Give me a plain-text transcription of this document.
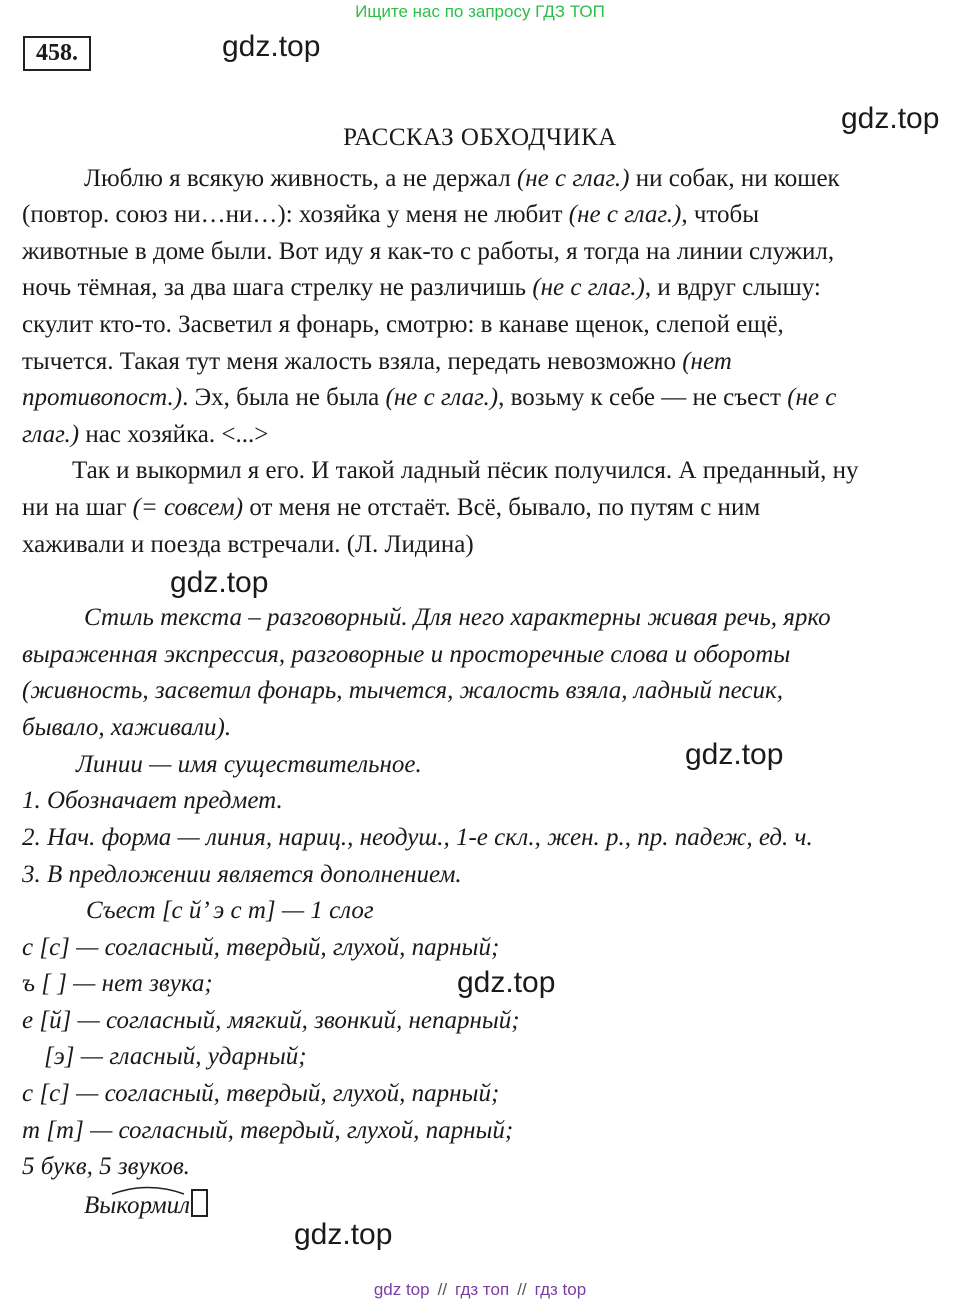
Ищите нас по запросу ГДЗ ТОП
458.	gdz.top
gdz.top
gdz.top
gdz.top
gdz.top
gdz.top
РАССКАЗ ОБХОДЧИКА
Люблю я всякую живность, а не держал (не с глаг.) ни собак, ни кошек
(повтор. союз ни…ни…): хозяйка у меня не любит (не с глаг.), чтобы
животные в доме были. Вот иду я как-то с работы, я тогда на линии служил,
ночь тёмная, за два шага стрелку не различишь (не с глаг.), и вдруг слышу:
скулит кто-то. Засветил я фонарь, смотрю: в канаве щенок, слепой ещё,
тычется. Такая тут меня жалость взяла, передать невозможно (нет
противопост.). Эх, была не была (не с глаг.), возьму к себе — не съест (не с
глаг.) нас хозяйка. <...>
Так и выкормил я его. И такой ладный пёсик получился. А преданный, ну
ни на шаг (= совсем) от меня не отстаёт. Всё, бывало, по путям с ним
хаживали и поезда встречали. (Л. Лидина)
Стиль текста – разговорный. Для него характерны живая речь, ярко
выраженная экспрессия, разговорные и просторечные слова и обороты
(живность, засветил фонарь, тычется, жалость взяла, ладный песик,
бывало, хаживали).
Линии — имя существительное.
1. Обозначает предмет.
2. Нач. форма — линия, нариц., неодуш., 1-е скл., жен. р., пр. падеж, ед. ч.
3. В предложении является дополнением.
Съест [с й’ э с т] — 1 слог
с [с] — согласный, твердый, глухой, парный;
ъ [ ] — нет звука;
е [й] — согласный, мягкий, звонкий, непарный;
[э] — гласный, ударный;
с [с] — согласный, твердый, глухой, парный;
т [т] — согласный, твердый, глухой, парный;
5 букв, 5 звуков.
Выкормил
gdz top // гдз топ // гдз top
